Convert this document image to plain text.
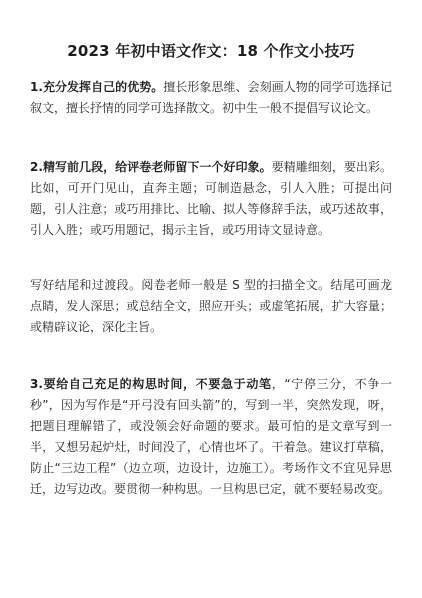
2023 年初中语文作文：18 个作文小技巧

1.充分发挥自己的优势。擅长形象思维、会刻画人物的同学可选择记叙文，擅长抒情的同学可选择散文。初中生一般不提倡写议论文。

2.精写前几段，给评卷老师留下一个好印象。要精雕细刻，要出彩。比如，可开门见山，直奔主题；可制造悬念，引人入胜；可提出问题，引人注意；或巧用排比、比喻、拟人等修辞手法，或巧述故事，引人入胜；或巧用题记，揭示主旨，或巧用诗文显诗意。

写好结尾和过渡段。阅卷老师一般是 S 型的扫描全文。结尾可画龙点睛，发人深思；或总结全文，照应开头；或虚笔拓展，扩大容量；或精辟议论，深化主旨。

3.要给自己充足的构思时间，不要急于动笔，“宁停三分，不争一秒”，因为写作是“开弓没有回头箭”的，写到一半，突然发现，呀，把题目理解错了，或没领会好命题的要求。最可怕的是文章写到一半，又想另起炉灶，时间没了，心情也坏了。干着急。建议打草稿，防止“三边工程”（边立项，边设计，边施工）。考场作文不宜见异思迁，边写边改。要贯彻一种构思。一旦构思已定，就不要轻易改变。
